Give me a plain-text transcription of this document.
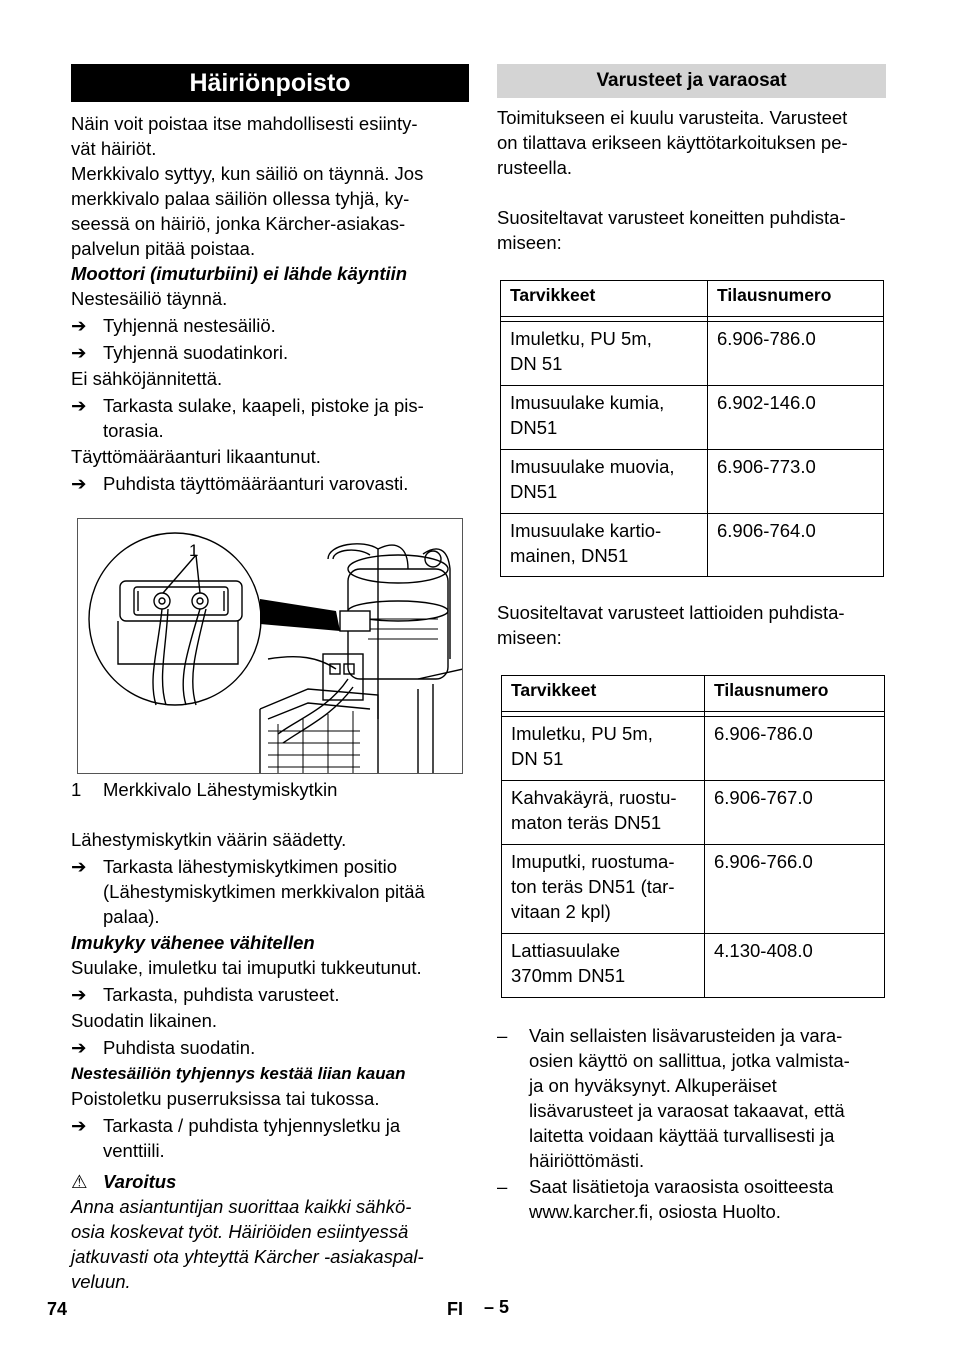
Häiriönpoisto

Näin voit poistaa itse mahdollisesti esiinty-
vät häiriöt.

Merkkivalo syttyy, kun säiliö on täynnä. Jos
merkkivalo palaa säiliön ollessa tyhjä, ky-
seessä on häiriö, jonka Kärcher-asiakas-
palvelun pitää poistaa.

Moottori (imuturbiini) ei lähde käyntiin

Nestesäiliö täynnä.

➔ Tyhjennä nestesäiliö.
➔ Tyhjennä suodatinkori.

Ei sähköjännitettä.

➔ Tarkasta sulake, kaapeli, pistoke ja pis-
torasia.

Täyttömääräanturi likaantunut.

➔ Puhdista täyttömääräanturi varovasti.
1

1 Merkkivalo Lähestymiskytkin

Lähestymiskytkin väärin säädetty.

➔ Tarkasta lähestymiskytkimen positio
(Lähestymiskytkimen merkkivalon pitää
palaa).

Imukyky vähenee vähitellen

Suulake, imuletku tai imuputki tukkeutunut.

➔ Tarkasta, puhdista varusteet.

Suodatin likainen.

➔ Puhdista suodatin.

Nestesäiliön tyhjennys kestää liian kauan

Poistoletku puserruksissa tai tukossa.

➔ Tarkasta / puhdista tyhjennysletku ja
venttiili.

⚠ Varoitus

Anna asiantuntijan suorittaa kaikki sähkö-
osia koskevat työt. Häiriöiden esiintyessä
jatkuvasti ota yhteyttä Kärcher -asiakaspal-
veluun.

Varusteet ja varaosat

Toimitukseen ei kuulu varusteita. Varusteet
on tilattava erikseen käyttötarkoituksen pe-
rusteella.

Suositeltavat varusteet koneitten puhdista-
miseen:

Tarvikkeet	Tilausnumero

Imuletku, PU 5m,
DN 51	6.906-786.0
Imusuulake kumia,
DN51	6.902-146.0
Imusuulake muovia,
DN51	6.906-773.0
Imusuulake kartio-
mainen, DN51	6.906-764.0

Suositeltavat varusteet lattioiden puhdista-
miseen:

Tarvikkeet	Tilausnumero

Imuletku, PU 5m,
DN 51	6.906-786.0
Kahvakäyrä, ruostu-
maton teräs DN51	6.906-767.0
Imuputki, ruostuma-
ton teräs DN51 (tar-
vitaan 2 kpl)	6.906-766.0
Lattiasuulake
370mm DN51	4.130-408.0
– Vain sellaisten lisävarusteiden ja vara-
osien käyttö on sallittua, jotka valmista-
ja on hyväksynyt. Alkuperäiset
lisävarusteet ja varaosat takaavat, että
laitetta voidaan käyttää turvallisesti ja
häiriöttömästi.
– Saat lisätietoja varaosista osoitteesta
www.karcher.fi, osiosta Huolto.
74	FI – 5
